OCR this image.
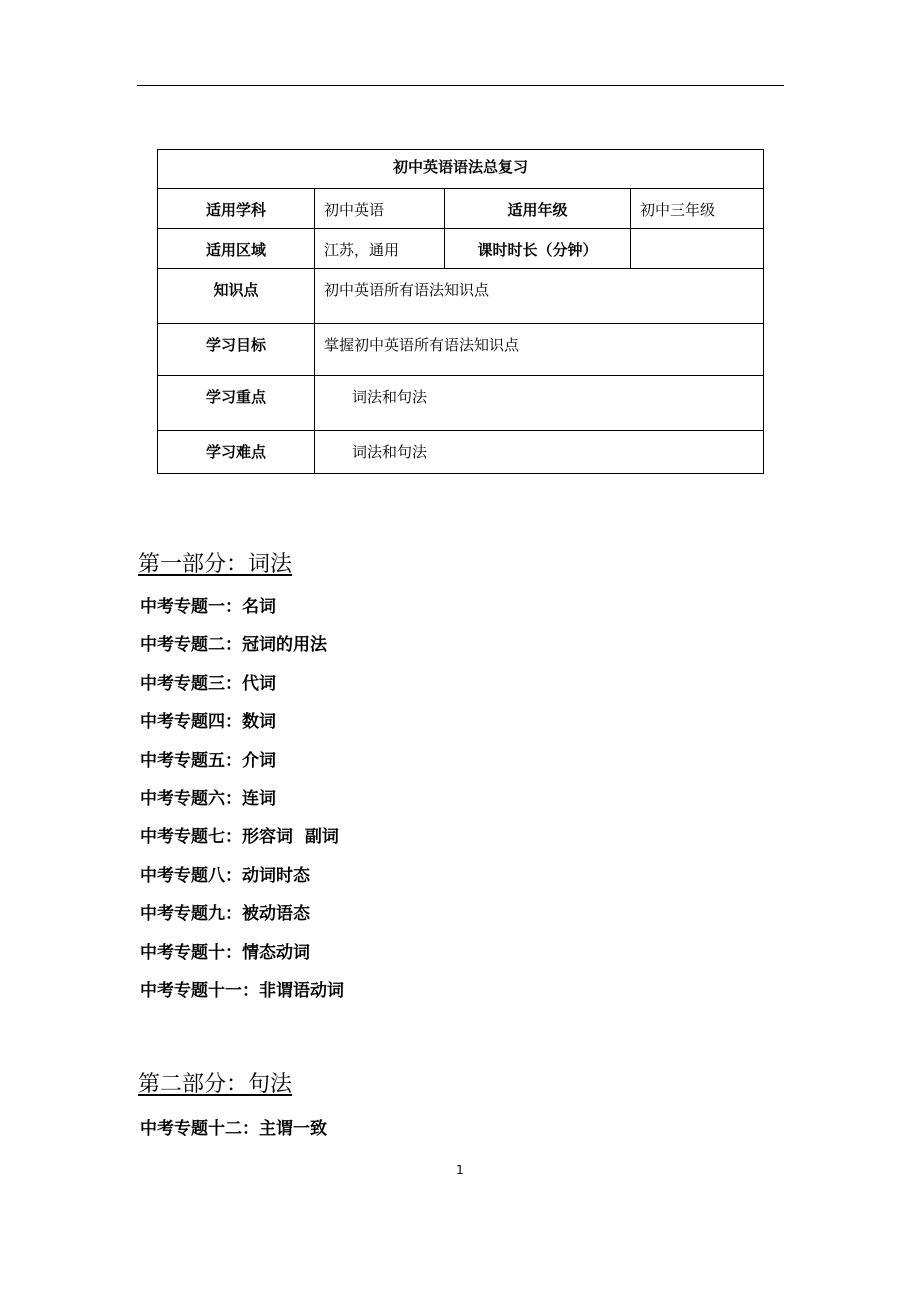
初中英语语法总复习			
适用学科	初中英语	适用年级	初中三年级
适用区域	江苏，通用	课时时长（分钟）	
知识点	初中英语所有语法知识点		
学习目标	掌握初中英语所有语法知识点		
学习重点	词法和句法		
学习难点	词法和句法		
第一部分：词法
中考专题一：名词
中考专题二：冠词的用法
中考专题三：代词
中考专题四：数词
中考专题五：介词
中考专题六：连词
中考专题七：形容词  副词
中考专题八：动词时态
中考专题九：被动语态
中考专题十：情态动词
中考专题十一：非谓语动词
第二部分：句法
中考专题十二：主谓一致
1
